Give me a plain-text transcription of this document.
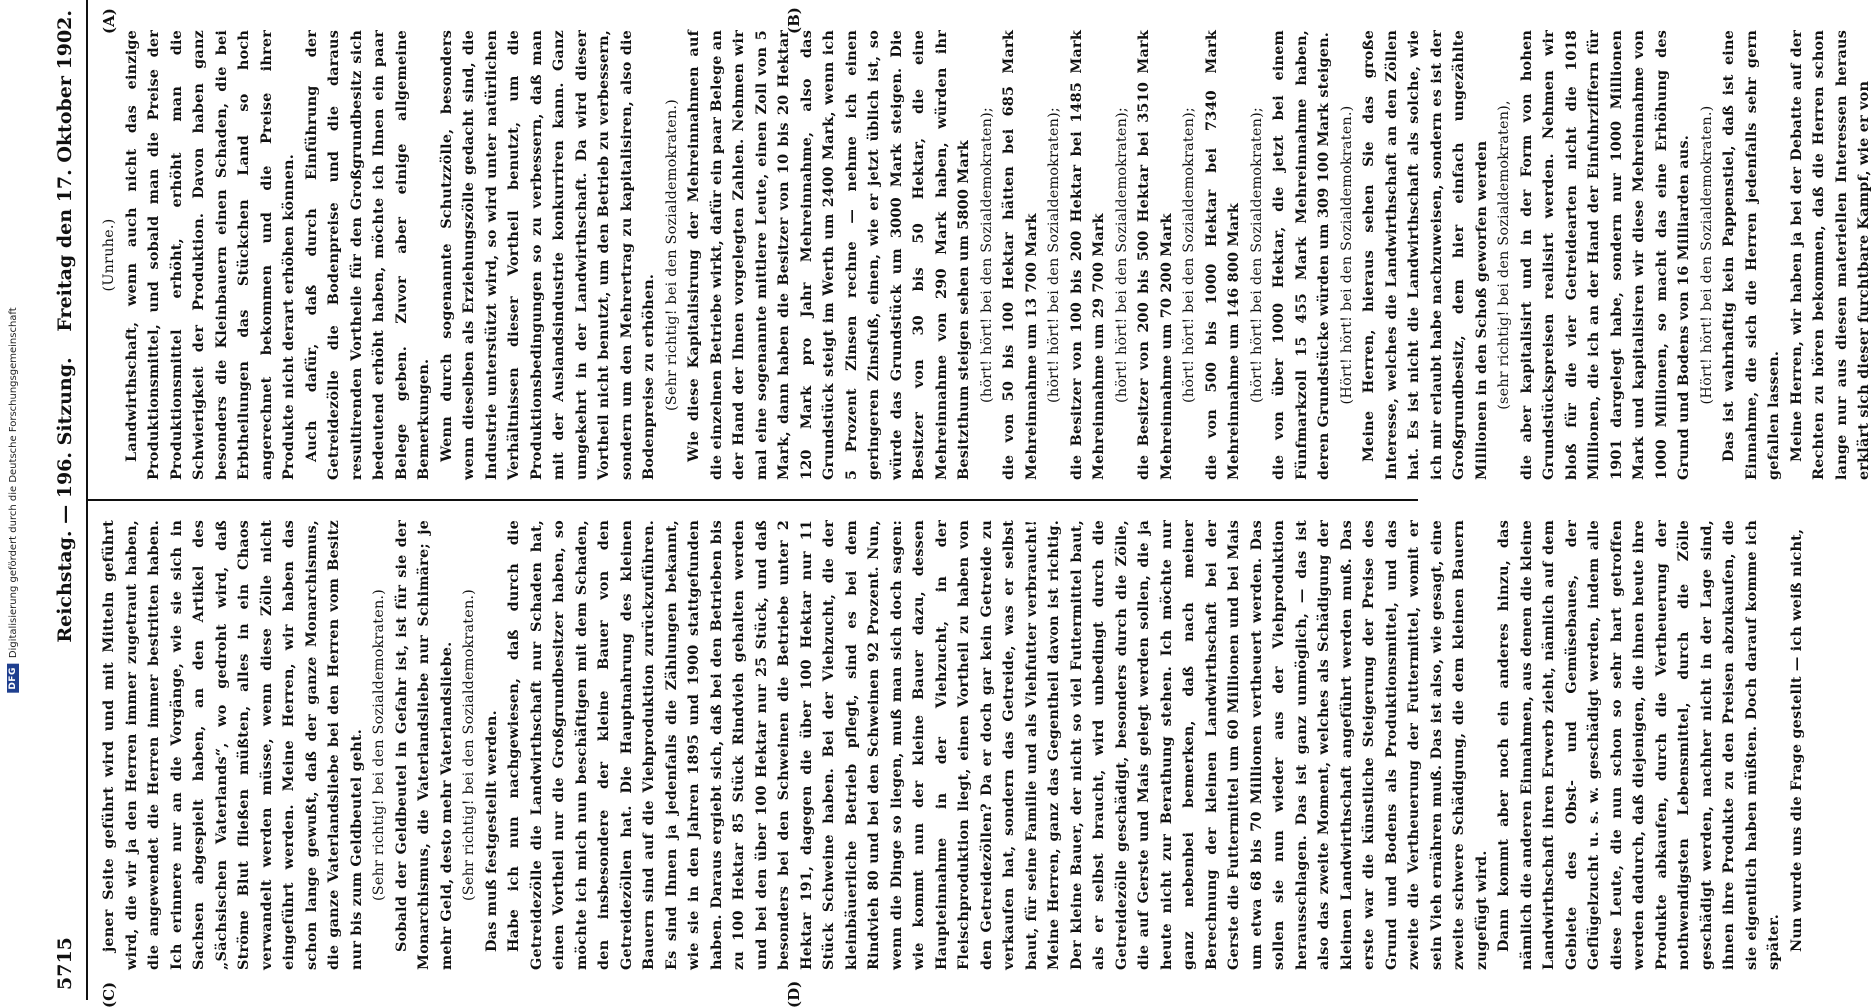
DFG
Digitalisierung gefördert durch die Deutsche Forschungsgemeinschaft
5715
Reichstag. — 196. Sitzung.
Freitag den 17. Oktober 1902.
(C)	(D)
(A)	(B)

jener Seite geführt wird und mit Mitteln geführt wird, die wir ja den Herren immer zugetraut haben, die angewendet die Herren immer bestritten haben. Ich erinnere nur an die Vorgänge, wie sie sich in Sachsen abgespielt haben, an den Artikel des „Sächsischen Vaterlands“, wo gedroht wird, daß Ströme Blut fließen müßten, alles in ein Chaos verwandelt werden müsse, wenn diese Zölle nicht eingeführt werden. Meine Herren, wir haben das schon lange gewußt, daß der ganze Monarchismus, die ganze Vaterlandsliebe bei den Herren vom Besitz nur bis zum Geldbeutel geht. (Sehr richtig! bei den Sozialdemokraten.) Sobald der Geldbeutel in Gefahr ist, ist für sie der Monarchismus, die Vaterlandsliebe nur Schimäre; je mehr Geld, desto mehr Vaterlandsliebe. (Sehr richtig! bei den Sozialdemokraten.) Das muß festgestellt werden. Habe ich nun nachgewiesen, daß durch die Getreidezölle die Landwirthschaft nur Schaden hat, einen Vortheil nur die Großgrundbesitzer haben, so möchte ich mich nun beschäftigen mit dem Schaden, den insbesondere der kleine Bauer von den Getreidezöllen hat. Die Hauptnahrung des kleinen Bauern sind auf die Viehproduktion zurückzuführen. Es sind Ihnen ja jedenfalls die Zählungen bekannt, wie sie in den Jahren 1895 und 1900 stattgefunden haben. Daraus ergiebt sich, daß bei den Betrieben bis zu 100 Hektar 85 Stück Rindvieh gehalten werden und bei den über 100 Hektar nur 25 Stück, und daß besonders bei den Schweinen die Betriebe unter 2 Hektar 191, dagegen die über 100 Hektar nur 11 Stück Schweine haben. Bei der Viehzucht, die der kleinbäuerliche Betrieb pflegt, sind es bei dem Rindvieh 80 und bei den Schweinen 92 Prozent. Nun, wenn die Dinge so liegen, muß man sich doch sagen: wie kommt nun der kleine Bauer dazu, dessen Haupteinnahme in der Viehzucht, in der Fleischproduktion liegt, einen Vortheil zu haben von den Getreidezöllen? Da er doch gar kein Getreide zu verkaufen hat, sondern das Getreide, was er selbst baut, für seine Familie und als Viehfutter verbraucht! Meine Herren, ganz das Gegentheil davon ist richtig. Der kleine Bauer, der nicht so viel Futtermittel baut, als er selbst braucht, wird unbedingt durch die Getreidezölle geschädigt, besonders durch die Zölle, die auf Gerste und Mais gelegt werden sollen, die ja heute nicht zur Berathung stehen. Ich möchte nur ganz nebenbei bemerken, daß nach meiner Berechnung der kleinen Landwirthschaft bei der Gerste die Futtermittel um 60 Millionen und bei Mais um etwa 68 bis 70 Millionen vertheuert werden. Das sollen sie nun wieder aus der Viehproduktion herausschlagen. Das ist ganz unmöglich, — das ist also das zweite Moment, welches als Schädigung der kleinen Landwirthschaft angeführt werden muß. Das erste war die künstliche Steigerung der Preise des Grund und Bodens als Produktionsmittel, und das zweite die Vertheuerung der Futtermittel, womit er sein Vieh ernähren muß. Das ist also, wie gesagt, eine zweite schwere Schädigung, die dem kleinen Bauern zugefügt wird. Dann kommt aber noch ein anderes hinzu, das nämlich die anderen Einnahmen, aus denen die kleine Landwirthschaft ihren Erwerb zieht, nämlich auf dem Gebiete des Obst- und Gemüsebaues, der Geflügelzucht u. s. w. geschädigt werden, indem alle diese Leute, die nun schon so sehr hart getroffen werden dadurch, daß diejenigen, die ihnen heute ihre Produkte abkaufen, durch die Vertheuerung der nothwendigsten Lebensmittel, durch die Zölle geschädigt werden, nachher nicht in der Lage sind, ihnen ihre Produkte zu den Preisen abzukaufen, die sie eigentlich haben müßten. Doch darauf komme ich später. Nun wurde uns die Frage gestellt — ich weiß nicht,

(Unruhe.) Landwirthschaft, wenn auch nicht das einzige Produktionsmittel, und sobald man die Preise der Produktionsmittel erhöht, erhöht man die Schwierigkeit der Produktion. Davon haben ganz besonders die Kleinbauern einen Schaden, die bei Erbtheilungen das Stückchen Land so hoch angerechnet bekommen und die Preise ihrer Produkte nicht derart erhöhen können. Auch dafür, daß durch Einführung der Getreidezölle die Bodenpreise und die daraus resultirenden Vortheile für den Großgrundbesitz sich bedeutend erhöht haben, möchte ich Ihnen ein paar Belege geben. Zuvor aber einige allgemeine Bemerkungen. Wenn durch sogenannte Schutzzölle, besonders wenn dieselben als Erziehungszölle gedacht sind, die Industrie unterstützt wird, so wird unter natürlichen Verhältnissen dieser Vortheil benutzt, um die Produktionsbedingungen so zu verbessern, daß man mit der Auslandsindustrie konkurriren kann. Ganz umgekehrt in der Landwirthschaft. Da wird dieser Vortheil nicht benutzt, um den Betrieb zu verbessern, sondern um den Mehrertrag zu kapitalisiren, also die Bodenpreise zu erhöhen. (Sehr richtig! bei den Sozialdemokraten.) Wie diese Kapitalisirung der Mehreinnahmen auf die einzelnen Betriebe wirkt, dafür ein paar Belege an der Hand der Ihnen vorgelegten Zahlen. Nehmen wir mal eine sogenannte mittlere Leute, einen Zoll von 5 Mark, dann haben die Besitzer von 10 bis 20 Hektar 120 Mark pro Jahr Mehreinnahme, also das Grundstück steigt im Werth um 2400 Mark, wenn ich 5 Prozent Zinsen rechne — nehme ich einen geringeren Zinsfuß, einen, wie er jetzt üblich ist, so würde das Grundstück um 3000 Mark steigen. Die Besitzer von 30 bis 50 Hektar, die eine Mehreinnahme von 290 Mark haben, würden ihr Besitzthum steigen sehen um 5800 Mark (hört! hört! bei den Sozialdemokraten); die von 50 bis 100 Hektar hätten bei 685 Mark Mehreinnahme um 13 700 Mark (hört! hört! bei den Sozialdemokraten); die Besitzer von 100 bis 200 Hektar bei 1485 Mark Mehreinnahme um 29 700 Mark (hört! hört! bei den Sozialdemokraten); die Besitzer von 200 bis 500 Hektar bei 3510 Mark Mehreinnahme um 70 200 Mark (hört! hört! bei den Sozialdemokraten); die von 500 bis 1000 Hektar bei 7340 Mark Mehreinnahme um 146 800 Mark (hört! hört! bei den Sozialdemokraten); die von über 1000 Hektar, die jetzt bei einem Fünfmarkzoll 15 455 Mark Mehreinnahme haben, deren Grundstücke würden um 309 100 Mark steigen. (Hört! hört! bei den Sozialdemokraten.) Meine Herren, hieraus sehen Sie das große Interesse, welches die Landwirthschaft an den Zöllen hat. Es ist nicht die Landwirthschaft als solche, wie ich mir erlaubt habe nachzuweisen, sondern es ist der Großgrundbesitz, dem hier einfach ungezählte Millionen in den Schoß geworfen werden (sehr richtig! bei den Sozialdemokraten), die aber kapitalisirt und in der Form von hohen Grundstückspreisen realisirt werden. Nehmen wir bloß für die vier Getreidearten nicht die 1018 Millionen, die ich an der Hand der Einfuhrziffern für 1901 dargelegt habe, sondern nur 1000 Millionen Mark und kapitalisiren wir diese Mehreinnahme von 1000 Millionen, so macht das eine Erhöhung des Grund und Bodens von 16 Milliarden aus. (Hört! hört! bei den Sozialdemokraten.) Das ist wahrhaftig kein Pappenstiel, daß ist eine Einnahme, die sich die Herren jedenfalls sehr gern gefallen lassen. Meine Herren, wir haben ja bei der Debatte auf der Rechten zu hören bekommen, daß die Herren schon lange nur aus diesen materiellen Interessen heraus erklärt sich dieser furchtbare Kampf, wie er von
